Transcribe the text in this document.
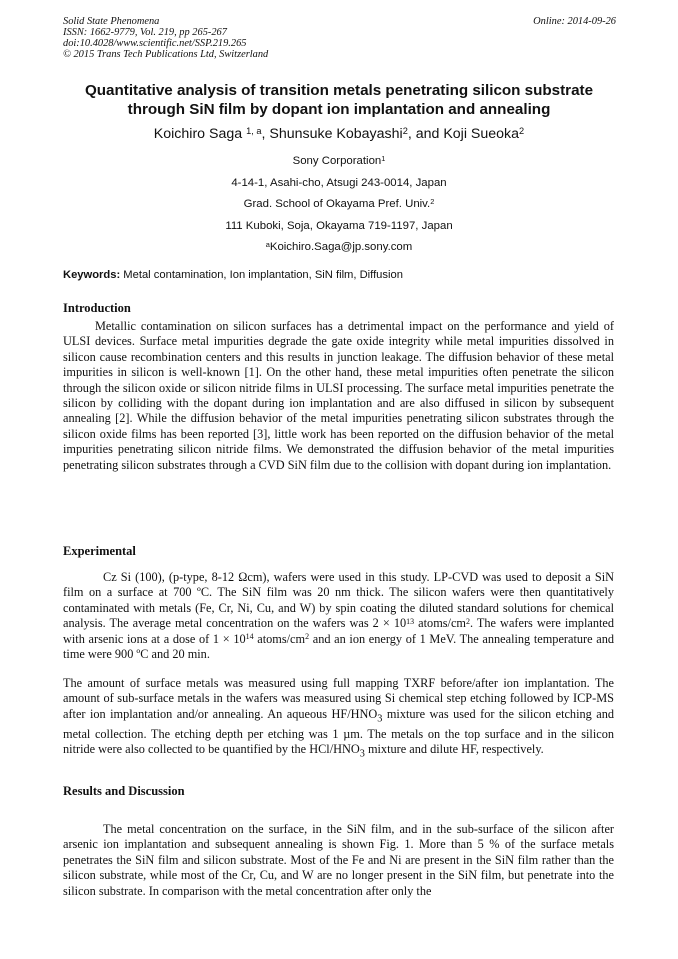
Solid State Phenomena
ISSN: 1662-9779, Vol. 219, pp 265-267
doi:10.4028/www.scientific.net/SSP.219.265
© 2015 Trans Tech Publications Ltd, Switzerland
Online: 2014-09-26
Quantitative analysis of transition metals penetrating silicon substrate
through SiN film by dopant ion implantation and annealing
Koichiro Saga $^{1, a}$, Shunsuke Kobayashi$^2$, and Koji Sueoka$^2$
Sony Corporation$^1$
4-14-1, Asahi-cho, Atsugi 243-0014, Japan
Grad. School of Okayama Pref. Univ.$^2$
111 Kuboki, Soja, Okayama 719-1197, Japan
$^a$Koichiro.Saga@jp.sony.com
Keywords: Metal contamination, Ion implantation, SiN film, Diffusion
Introduction

Metallic contamination on silicon surfaces has a detrimental impact on the performance and yield of ULSI devices. Surface metal impurities degrade the gate oxide integrity while metal impurities dissolved in silicon cause recombination centers and this results in junction leakage. The diffusion behavior of these metal impurities in silicon is well-known [1]. On the other hand, these metal impurities often penetrate the silicon through the silicon oxide or silicon nitride films in ULSI processing. The surface metal impurities penetrate the silicon by colliding with the dopant during ion implantation and are also diffused in silicon by subsequent annealing [2]. While the diffusion behavior of the metal impurities penetrating silicon substrates through the silicon oxide films has been reported [3], little work has been reported on the diffusion behavior of the metal impurities penetrating silicon nitride films. We demonstrated the diffusion behavior of the metal impurities penetrating silicon substrates through a CVD SiN film due to the collision with dopant during ion implantation.

Experimental

Cz Si (100), (p-type, 8-12 Ωcm), wafers were used in this study. LP-CVD was used to deposit a SiN film on a surface at 700 ºC. The SiN film was 20 nm thick. The silicon wafers were then quantitatively contaminated with metals (Fe, Cr, Ni, Cu, and W) by spin coating the diluted standard solutions for chemical analysis. The average metal concentration on the wafers was $2 \times 10^{13}$ atoms/$cm^2$. The wafers were implanted with arsenic ions at a dose of $1 \times 10^{14}$ atoms/$cm^2$ and an ion energy of 1 MeV. The annealing temperature and time were 900 ºC and 20 min.

The amount of surface metals was measured using full mapping TXRF before/after ion implantation. The amount of sub-surface metals in the wafers was measured using Si chemical step etching followed by ICP-MS after ion implantation and/or annealing. An aqueous $HF/HNO_3$ mixture was used for the silicon etching and metal collection. The etching depth per etching was 1 µm. The metals on the top surface and in the silicon nitride were also collected to be quantified by the HCl/$HNO_3$ mixture and dilute HF, respectively.

Results and Discussion

The metal concentration on the surface, in the SiN film, and in the sub-surface of the silicon after arsenic ion implantation and subsequent annealing is shown Fig. 1. More than 5 % of the surface metals penetrates the SiN film and silicon substrate. Most of the Fe and Ni are present in the SiN film rather than the silicon substrate, while most of the Cr, Cu, and W are no longer present in the SiN film, but penetrate into the silicon substrate. In comparison with the metal concentration after only the
